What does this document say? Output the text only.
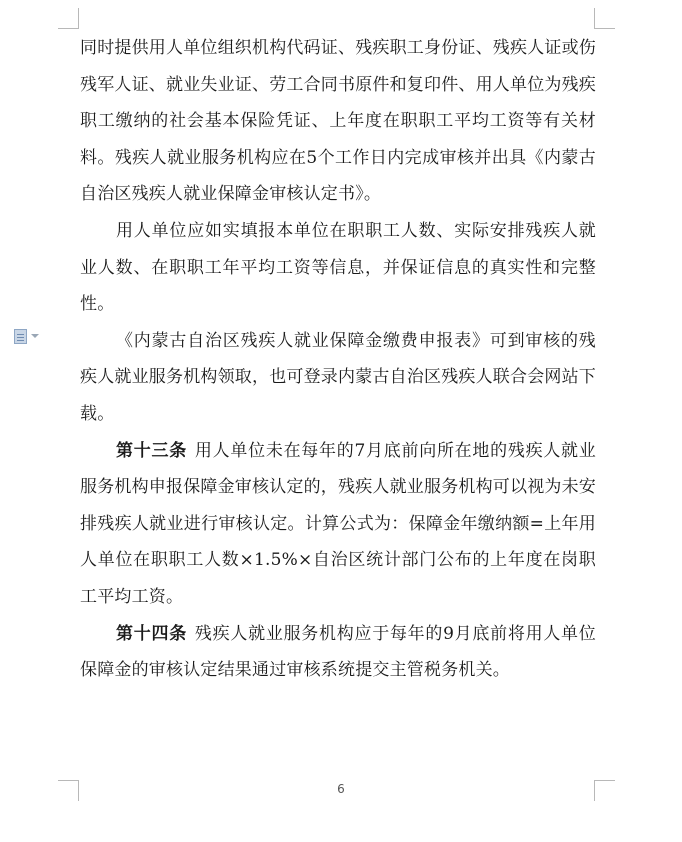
同时提供用人单位组织机构代码证、残疾职工身份证、残疾人证或伤残军人证、就业失业证、劳工合同书原件和复印件、用人单位为残疾职工缴纳的社会基本保险凭证、上年度在职职工平均工资等有关材料。残疾人就业服务机构应在5个工作日内完成审核并出具《内蒙古自治区残疾人就业保障金审核认定书》。

用人单位应如实填报本单位在职职工人数、实际安排残疾人就业人数、在职职工年平均工资等信息，并保证信息的真实性和完整性。

《内蒙古自治区残疾人就业保障金缴费申报表》可到审核的残疾人就业服务机构领取，也可登录内蒙古自治区残疾人联合会网站下载。

第十三条 用人单位未在每年的7月底前向所在地的残疾人就业服务机构申报保障金审核认定的，残疾人就业服务机构可以视为未安排残疾人就业进行审核认定。计算公式为：保障金年缴纳额=上年用人单位在职职工人数×1.5%×自治区统计部门公布的上年度在岗职工平均工资。

第十四条 残疾人就业服务机构应于每年的9月底前将用人单位保障金的审核认定结果通过审核系统提交主管税务机关。

6
